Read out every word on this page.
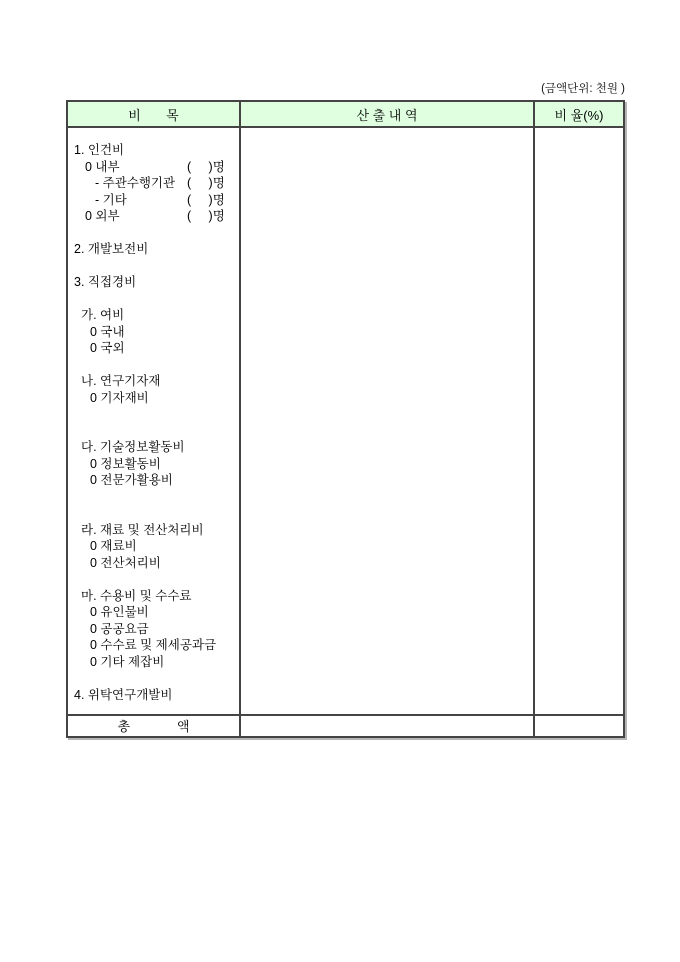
(금액단위: 천원 )
비       목	산 출 내 역	비 율(%)

1. 인건비
0 내부	(     )명
- 주관수행기관 (     )명
- 기타	(     )명
0 외부	(     )명
2. 개발보전비
3. 직접경비
가. 여비
0 국내
0 국외
나. 연구기자재
0 기자재비
다. 기술정보활동비
0 정보활동비
0 전문가활용비
라. 재료 및 전산처리비
0 재료비
0 전산처리비
마. 수용비 및 수수료
0 유인물비
0 공공요금
0 수수료 및 제세공과금
0 기타 제잡비
4. 위탁연구개발비

총             액		
